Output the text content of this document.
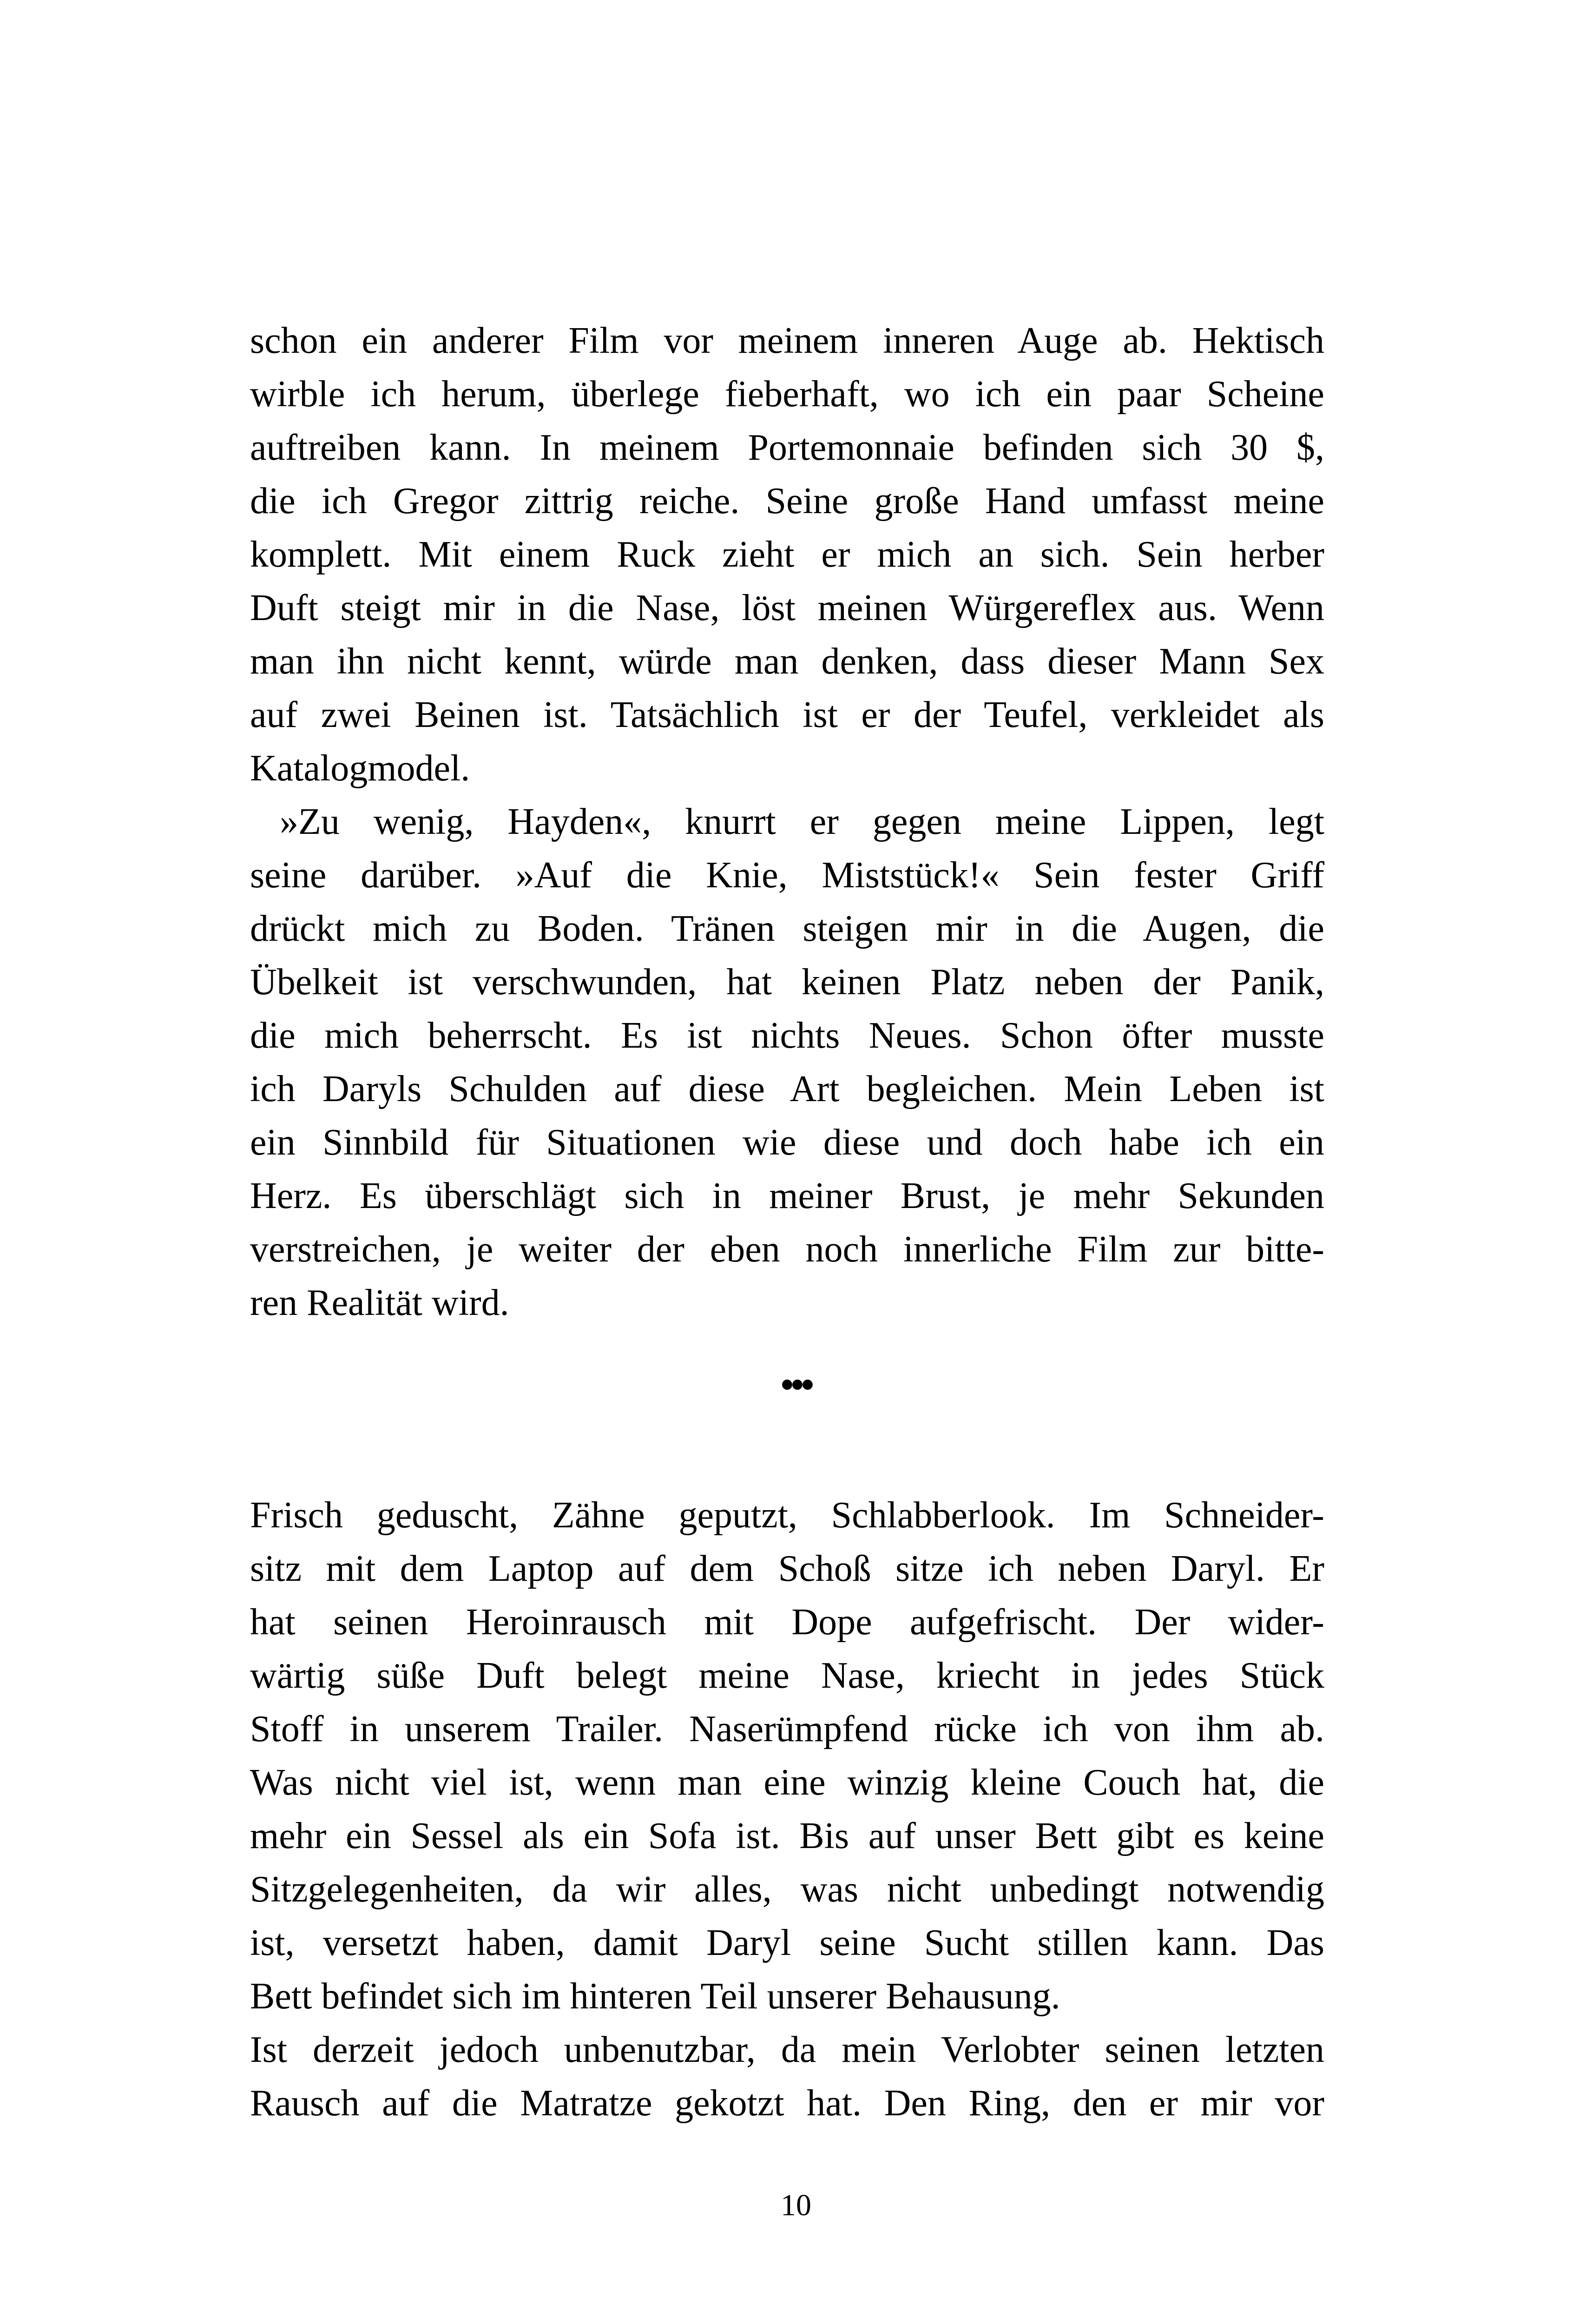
schon ein anderer Film vor meinem inneren Auge ab. Hektisch
wirble ich herum, überlege fieberhaft, wo ich ein paar Scheine
auftreiben kann. In meinem Portemonnaie befinden sich 30 $,
die ich Gregor zittrig reiche. Seine große Hand umfasst meine
komplett. Mit einem Ruck zieht er mich an sich. Sein herber
Duft steigt mir in die Nase, löst meinen Würgereflex aus. Wenn
man ihn nicht kennt, würde man denken, dass dieser Mann Sex
auf zwei Beinen ist. Tatsächlich ist er der Teufel, verkleidet als
Katalogmodel.
»Zu wenig, Hayden«, knurrt er gegen meine Lippen, legt
seine darüber. »Auf die Knie, Miststück!« Sein fester Griff
drückt mich zu Boden. Tränen steigen mir in die Augen, die
Übelkeit ist verschwunden, hat keinen Platz neben der Panik,
die mich beherrscht. Es ist nichts Neues. Schon öfter musste
ich Daryls Schulden auf diese Art begleichen. Mein Leben ist
ein Sinnbild für Situationen wie diese und doch habe ich ein
Herz. Es überschlägt sich in meiner Brust, je mehr Sekunden
verstreichen, je weiter der eben noch innerliche Film zur bitte-
ren Realität wird.
•••
Frisch geduscht, Zähne geputzt, Schlabberlook. Im Schneider-
sitz mit dem Laptop auf dem Schoß sitze ich neben Daryl. Er
hat seinen Heroinrausch mit Dope aufgefrischt. Der wider-
wärtig süße Duft belegt meine Nase, kriecht in jedes Stück
Stoff in unserem Trailer. Naserümpfend rücke ich von ihm ab.
Was nicht viel ist, wenn man eine winzig kleine Couch hat, die
mehr ein Sessel als ein Sofa ist. Bis auf unser Bett gibt es keine
Sitzgelegenheiten, da wir alles, was nicht unbedingt notwendig
ist, versetzt haben, damit Daryl seine Sucht stillen kann. Das
Bett befindet sich im hinteren Teil unserer Behausung.
Ist derzeit jedoch unbenutzbar, da mein Verlobter seinen letzten
Rausch auf die Matratze gekotzt hat. Den Ring, den er mir vor
10
